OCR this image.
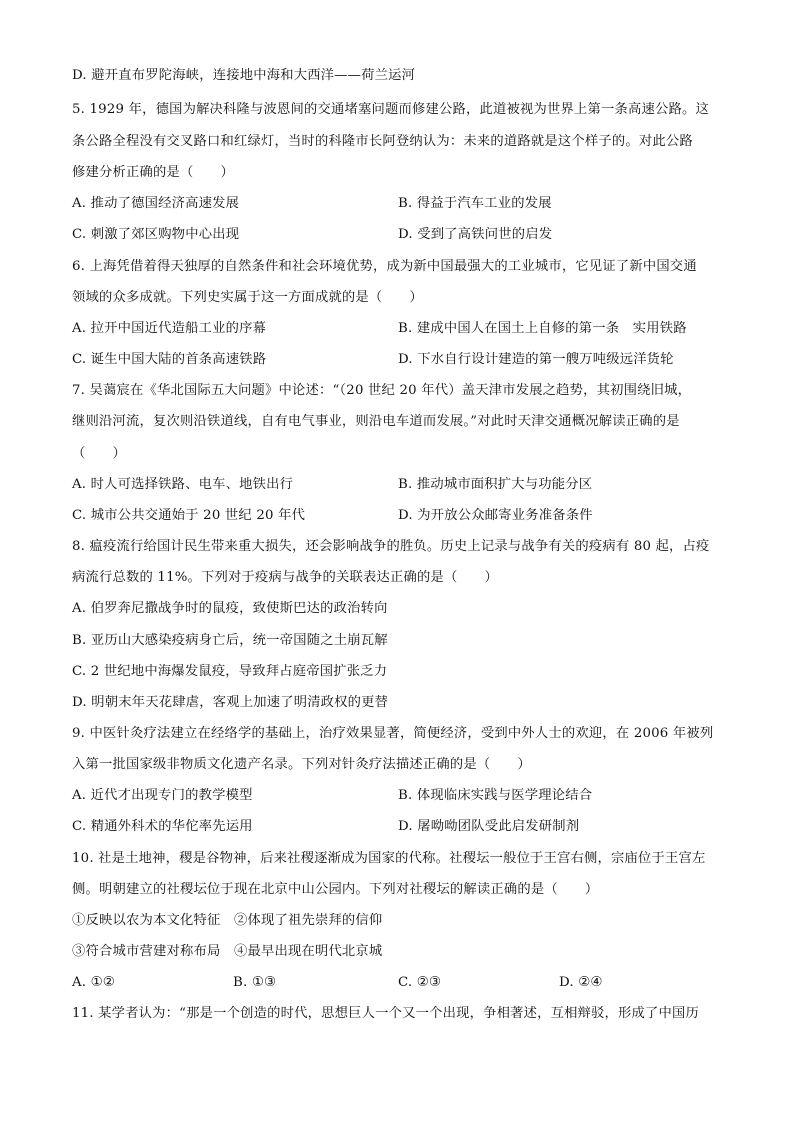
D. 避开直布罗陀海峡，连接地中海和大西洋——荷兰运河
5. 1929 年，德国为解决科隆与波恩间的交通堵塞问题而修建公路，此道被视为世界上第一条高速公路。这
条公路全程没有交叉路口和红绿灯，当时的科隆市长阿登纳认为：未来的道路就是这个样子的。对此公路
修建分析正确的是（　　）
A. 推动了德国经济高速发展	B. 得益于汽车工业的发展
C. 刺激了郊区购物中心出现	D. 受到了高铁问世的启发
6. 上海凭借着得天独厚的自然条件和社会环境优势，成为新中国最强大的工业城市，它见证了新中国交通
领域的众多成就。下列史实属于这一方面成就的是（　　）
A. 拉开中国近代造船工业的序幕	B. 建成中国人在国土上自修的第一条　实用铁路
C. 诞生中国大陆的首条高速铁路	D. 下水自行设计建造的第一艘万吨级远洋货轮
7. 吴蔼宸在《华北国际五大问题》中论述：“（20 世纪 20 年代）盖天津市发展之趋势，其初围绕旧城，
继则沿河流，复次则沿铁道线，自有电气事业，则沿电车道而发展。”对此时天津交通概况解读正确的是
（　　）
A. 时人可选择铁路、电车、地铁出行	B. 推动城市面积扩大与功能分区
C. 城市公共交通始于 20 世纪 20 年代	D. 为开放公众邮寄业务准备条件
8. 瘟疫流行给国计民生带来重大损失，还会影响战争的胜负。历史上记录与战争有关的疫病有 80 起，占疫
病流行总数的 11%。下列对于疫病与战争的关联表达正确的是（　　）
A. 伯罗奔尼撒战争时的鼠疫，致使斯巴达的政治转向
B. 亚历山大感染疫病身亡后，统一帝国随之土崩瓦解
C. 2 世纪地中海爆发鼠疫，导致拜占庭帝国扩张乏力
D. 明朝末年天花肆虐，客观上加速了明清政权的更替
9. 中医针灸疗法建立在经络学的基础上，治疗效果显著，简便经济，受到中外人士的欢迎，在 2006 年被列
入第一批国家级非物质文化遗产名录。下列对针灸疗法描述正确的是（　　）
A. 近代才出现专门的教学模型	B. 体现临床实践与医学理论结合
C. 精通外科术的华佗率先运用	D. 屠呦呦团队受此启发研制剂
10. 社是土地神，稷是谷物神，后来社稷逐渐成为国家的代称。社稷坛一般位于王宫右侧，宗庙位于王宫左
侧。明朝建立的社稷坛位于现在北京中山公园内。下列对社稷坛的解读正确的是（　　）
①反映以农为本文化特征　②体现了祖先崇拜的信仰
③符合城市营建对称布局　④最早出现在明代北京城
A. ①②	B. ①③	C. ②③	D. ②④
11. 某学者认为：“那是一个创造的时代，思想巨人一个又一个出现，争相著述，互相辩驳，形成了中国历
